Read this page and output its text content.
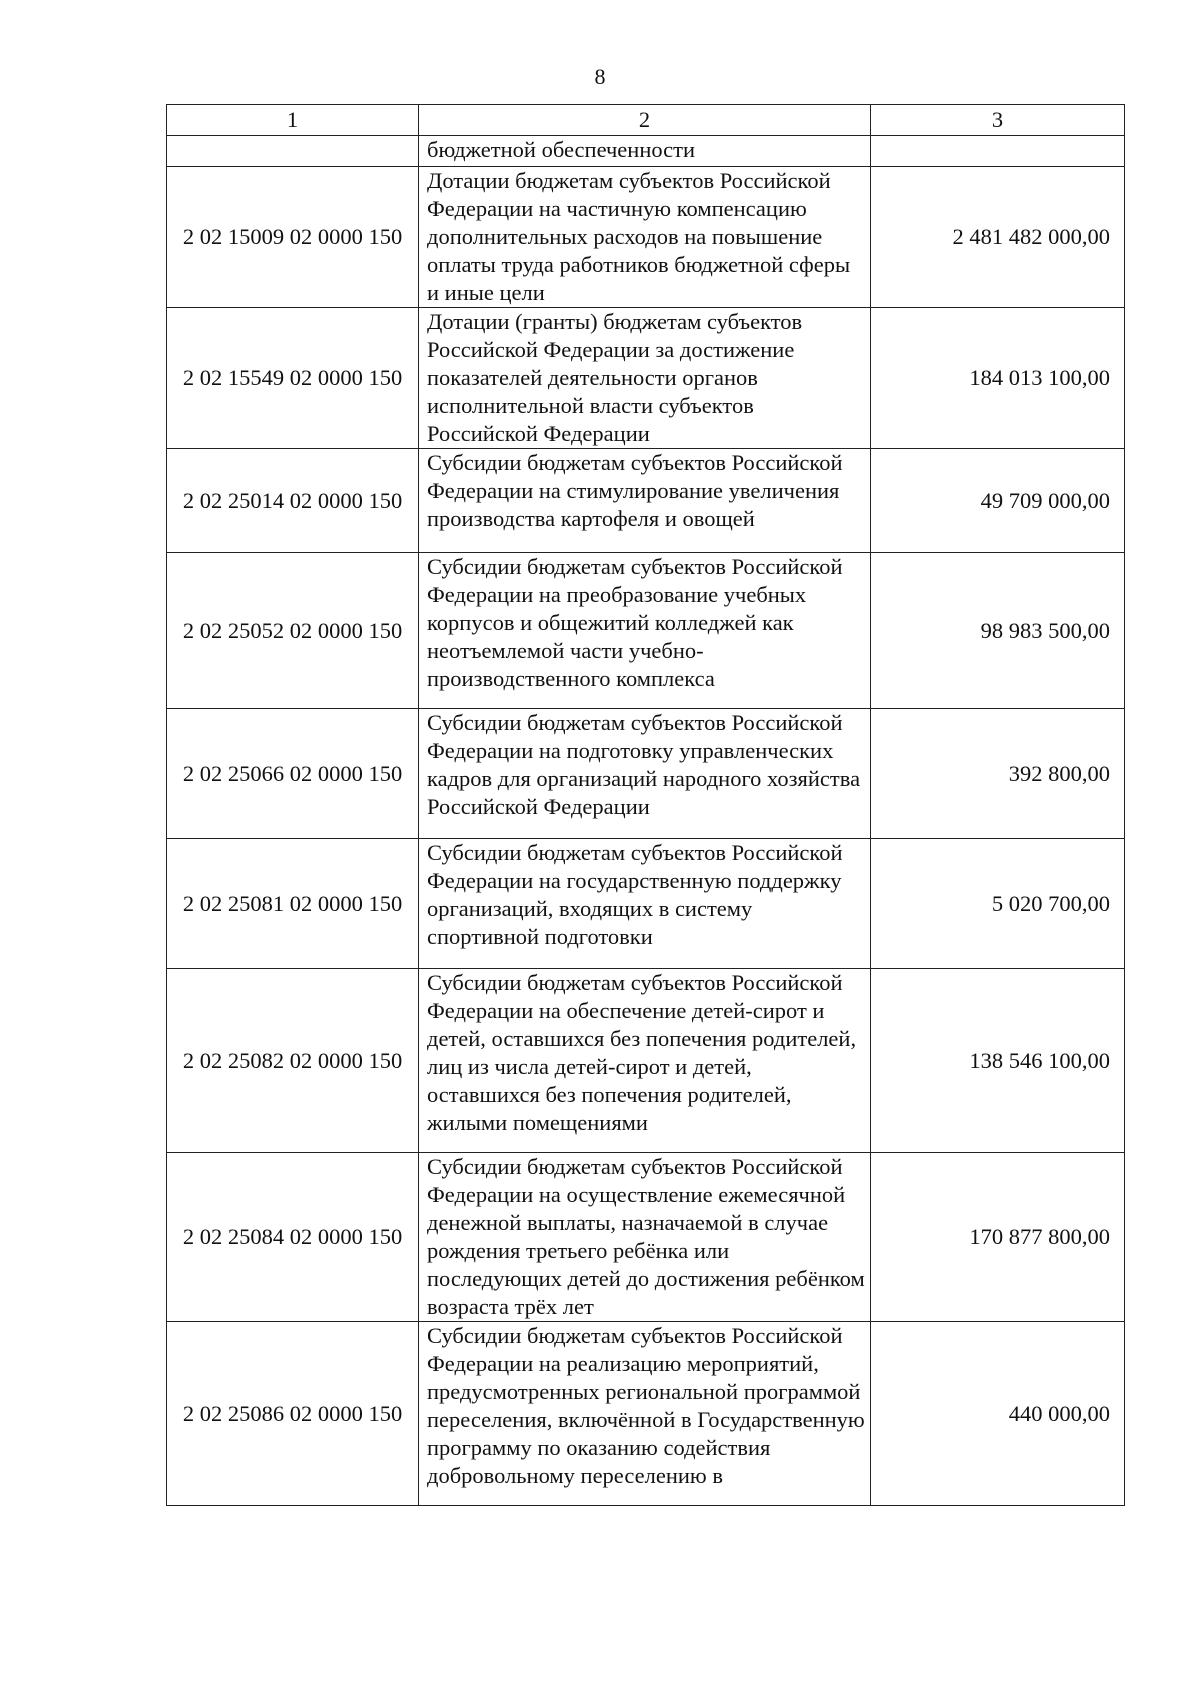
8
1	2	3
	бюджетной обеспеченности	
2 02 15009 02 0000 150	Дотации бюджетам субъектов Российской Федерации на частичную компенсацию дополнительных расходов на повышение оплаты труда работников бюджетной сферы и иные цели	2 481 482 000,00
2 02 15549 02 0000 150	Дотации (гранты) бюджетам субъектов Российской Федерации за достижение показателей деятельности органов исполнительной власти субъектов Российской Федерации	184 013 100,00
2 02 25014 02 0000 150	Субсидии бюджетам субъектов Российской Федерации на стимулирование увеличения производства картофеля и овощей	49 709 000,00
2 02 25052 02 0000 150	Субсидии бюджетам субъектов Российской Федерации на преобразование учебных корпусов и общежитий колледжей как неотъемлемой части учебно-производственного комплекса	98 983 500,00
2 02 25066 02 0000 150	Субсидии бюджетам субъектов Российской Федерации на подготовку управленческих кадров для организаций народного хозяйства Российской Федерации	392 800,00
2 02 25081 02 0000 150	Субсидии бюджетам субъектов Российской Федерации на государственную поддержку организаций, входящих в систему спортивной подготовки	5 020 700,00
2 02 25082 02 0000 150	Субсидии бюджетам субъектов Российской Федерации на обеспечение детей-сирот и детей, оставшихся без попечения родителей, лиц из числа детей-сирот и детей, оставшихся без попечения родителей, жилыми помещениями	138 546 100,00
2 02 25084 02 0000 150	Субсидии бюджетам субъектов Российской Федерации на осуществление ежемесячной денежной выплаты, назначаемой в случае рождения третьего ребёнка или последующих детей до достижения ребёнком возраста трёх лет	170 877 800,00
2 02 25086 02 0000 150	Субсидии бюджетам субъектов Российской Федерации на реализацию мероприятий, предусмотренных региональной программой переселения, включённой в Государственную программу по оказанию содействия добровольному переселению в	440 000,00
